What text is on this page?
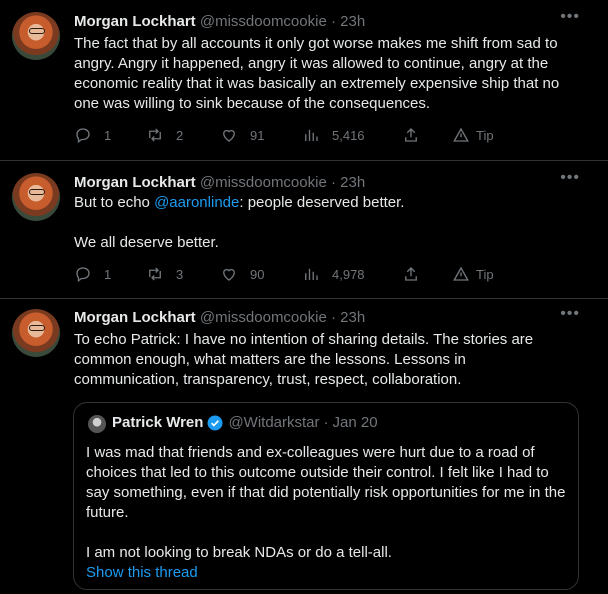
Morgan Lockhart @missdoomcookie · 23h	•••
The fact that by all accounts it only got worse makes me shift from sad to angry. Angry it happened, angry it was allowed to continue, angry at the economic reality that it was basically an extremely expensive ship that no one was willing to sink because of the consequences.
1	2	91	5,416	Tip
Morgan Lockhart @missdoomcookie · 23h	•••
But to echo @aaronlinde: people deserved better.

We all deserve better.
1	3	90	4,978	Tip
Morgan Lockhart @missdoomcookie · 23h	•••
To echo Patrick: I have no intention of sharing details. The stories are common enough, what matters are the lessons. Lessons in communication, transparency, trust, respect, collaboration.
Patrick Wren @Witdarkstar · Jan 20
I was mad that friends and ex-colleagues were hurt due to a road of choices that led to this outcome outside their control. I felt like I had to say something, even if that did potentially risk opportunities for me in the future.

I am not looking to break NDAs or do a tell-all.
Show this thread
